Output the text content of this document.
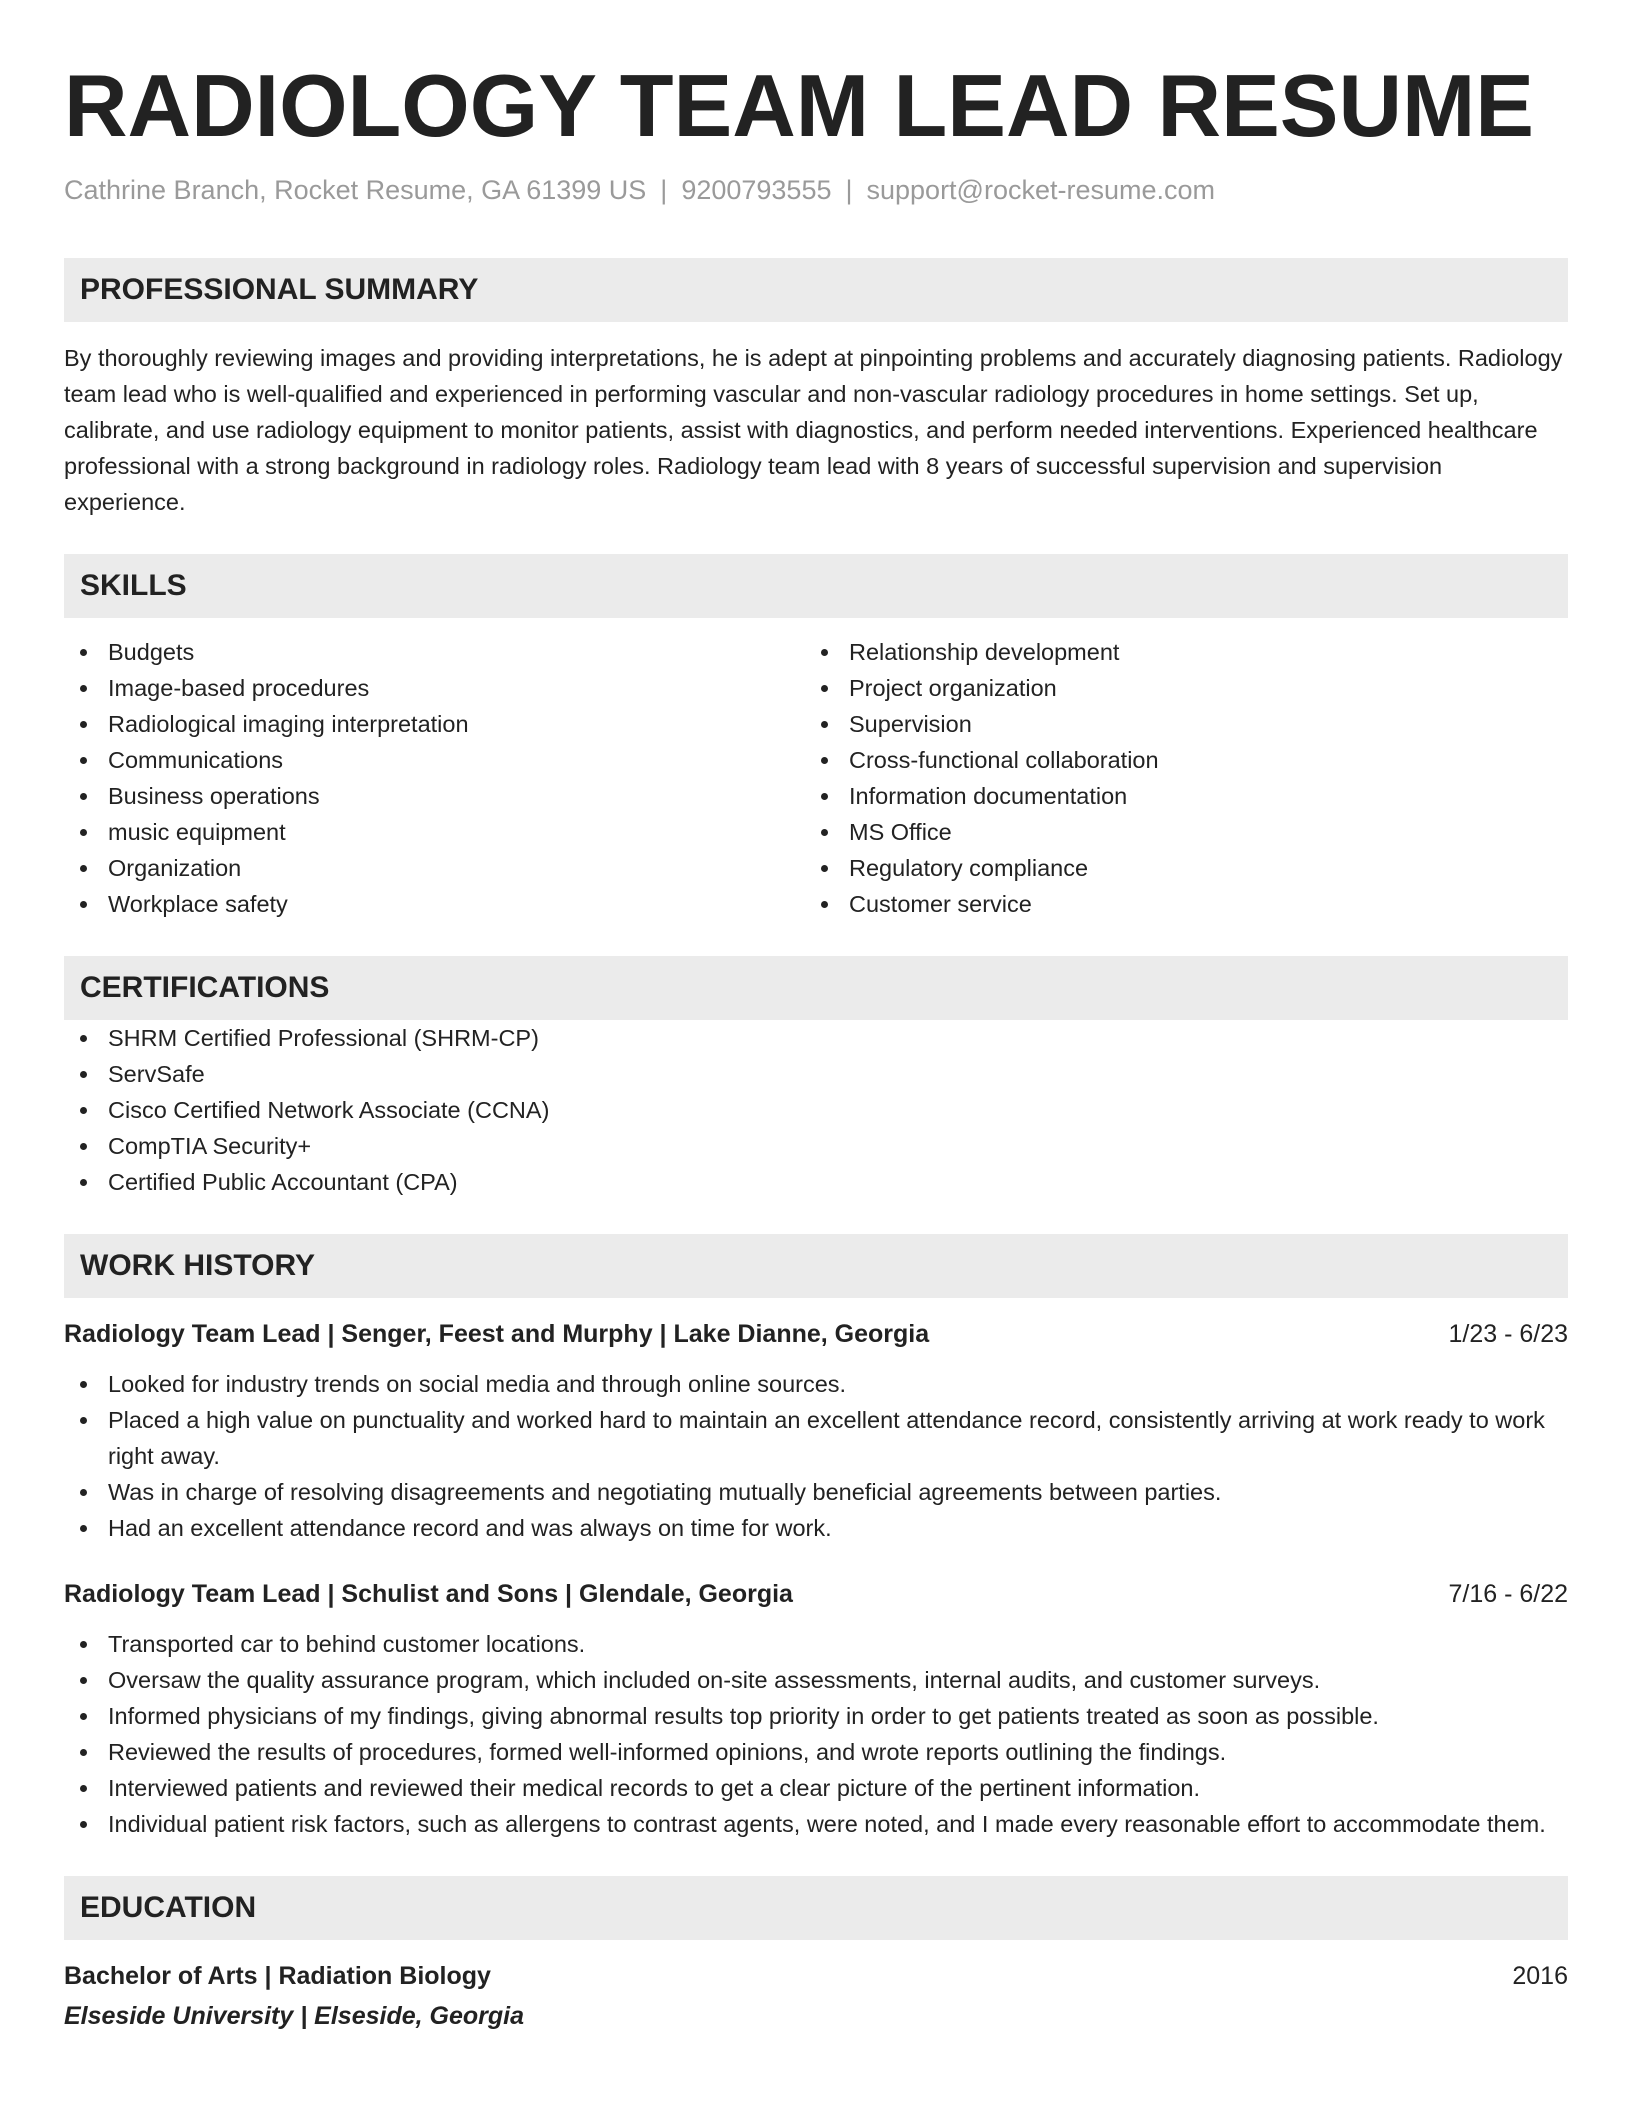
RADIOLOGY TEAM LEAD RESUME
Cathrine Branch, Rocket Resume, GA 61399 US | 9200793555 | support@rocket-resume.com
PROFESSIONAL SUMMARY

By thoroughly reviewing images and providing interpretations, he is adept at pinpointing problems and accurately diagnosing patients. Radiology team lead who is well-qualified and experienced in performing vascular and non-vascular radiology procedures in home settings. Set up, calibrate, and use radiology equipment to monitor patients, assist with diagnostics, and perform needed interventions. Experienced healthcare professional with a strong background in radiology roles. Radiology team lead with 8 years of successful supervision and supervision experience.

SKILLS
Budgets
Image-based procedures
Radiological imaging interpretation
Communications
Business operations
music equipment
Organization
Workplace safety
Relationship development
Project organization
Supervision
Cross-functional collaboration
Information documentation
MS Office
Regulatory compliance
Customer service
CERTIFICATIONS
SHRM Certified Professional (SHRM-CP)
ServSafe
Cisco Certified Network Associate (CCNA)
CompTIA Security+
Certified Public Accountant (CPA)
WORK HISTORY
Radiology Team Lead | Senger, Feest and Murphy | Lake Dianne, Georgia	1/23 - 6/23
Looked for industry trends on social media and through online sources.
Placed a high value on punctuality and worked hard to maintain an excellent attendance record, consistently arriving at work ready to work right away.
Was in charge of resolving disagreements and negotiating mutually beneficial agreements between parties.
Had an excellent attendance record and was always on time for work.
Radiology Team Lead | Schulist and Sons | Glendale, Georgia	7/16 - 6/22
Transported car to behind customer locations.
Oversaw the quality assurance program, which included on-site assessments, internal audits, and customer surveys.
Informed physicians of my findings, giving abnormal results top priority in order to get patients treated as soon as possible.
Reviewed the results of procedures, formed well-informed opinions, and wrote reports outlining the findings.
Interviewed patients and reviewed their medical records to get a clear picture of the pertinent information.
Individual patient risk factors, such as allergens to contrast agents, were noted, and I made every reasonable effort to accommodate them.
EDUCATION
Bachelor of Arts | Radiation Biology	2016
Elseside University | Elseside, Georgia
